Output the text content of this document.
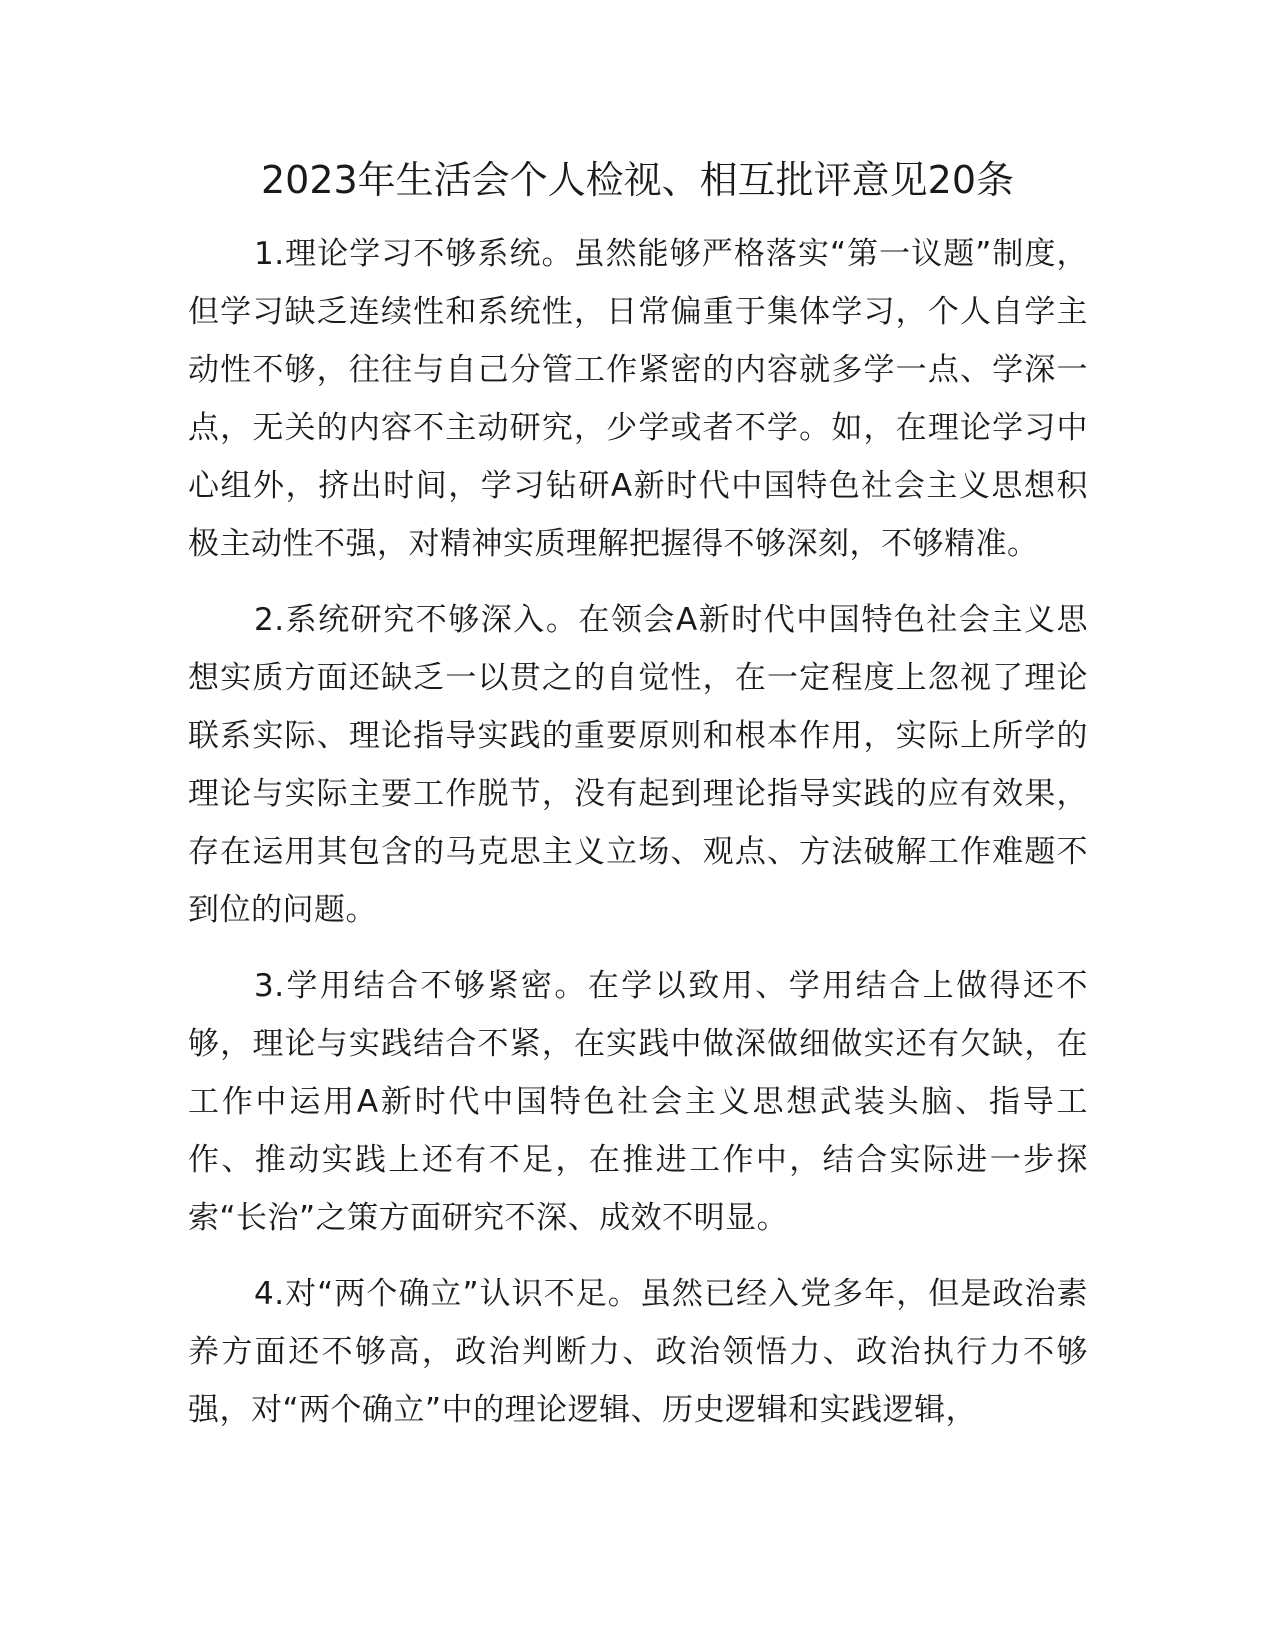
2023年生活会个人检视、相互批评意见20条

1.理论学习不够系统。虽然能够严格落实“第一议题”制度，但学习缺乏连续性和系统性，日常偏重于集体学习，个人自学主动性不够，往往与自己分管工作紧密的内容就多学一点、学深一点，无关的内容不主动研究，少学或者不学。如，在理论学习中心组外，挤出时间，学习钻研A新时代中国特色社会主义思想积极主动性不强，对精神实质理解把握得不够深刻，不够精准。

2.系统研究不够深入。在领会A新时代中国特色社会主义思想实质方面还缺乏一以贯之的自觉性，在一定程度上忽视了理论联系实际、理论指导实践的重要原则和根本作用，实际上所学的理论与实际主要工作脱节，没有起到理论指导实践的应有效果，存在运用其包含的马克思主义立场、观点、方法破解工作难题不到位的问题。

3.学用结合不够紧密。在学以致用、学用结合上做得还不够，理论与实践结合不紧，在实践中做深做细做实还有欠缺，在工作中运用A新时代中国特色社会主义思想武装头脑、指导工作、推动实践上还有不足，在推进工作中，结合实际进一步探索“长治”之策方面研究不深、成效不明显。

4.对“两个确立”认识不足。虽然已经入党多年，但是政治素养方面还不够高，政治判断力、政治领悟力、政治执行力不够强，对“两个确立”中的理论逻辑、历史逻辑和实践逻辑，
